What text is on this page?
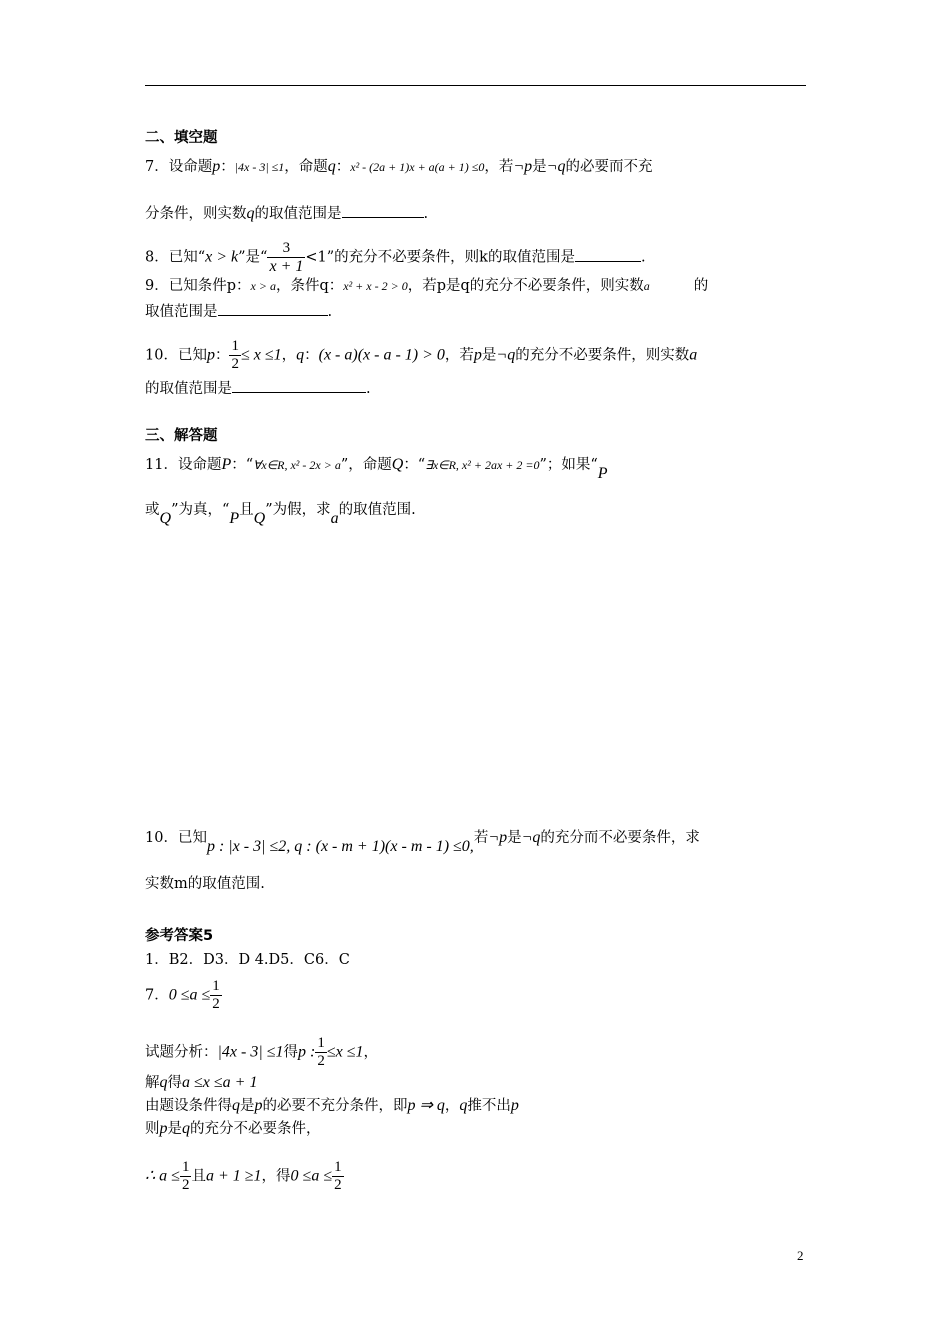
二、填空题
7．设命题p：|4x - 3| ≤1，命题q：x² - (2a + 1)x + a(a + 1) ≤0，若¬p是¬q的必要而不充
分条件，则实数q的取值范围是	.
8．已知“x > k”是“ $\frac{3}{x + 1} <1$”的充分不必要条件，则k的取值范围是	.
9．已知条件p：x > a，条件q：x² + x - 2 > 0，若p是q的充分不必要条件，则实数a	的
取值范围是	.
10．已知p： $\frac{1}{2} \le x \le 1$，q：(x - a)(x - a - 1) > 0，若p是¬q的充分不必要条件，则实数a
的取值范围是	.
三、解答题
11．设命题P：“∀x∈R, x² - 2x > a”，命题Q：“∃x∈R, x² + 2ax + 2 =0”；如果“P
或Q”为真，“P且Q”为假，求a的取值范围.
10．已知p : |x - 3| ≤2, q : (x - m + 1)(x - m - 1) ≤0,若¬p是¬q的充分而不必要条件，求
实数m的取值范围.
参考答案5
1．B2．D3．D 4.D5．C6．C
7．$0 \le a \le \frac{1}{2}$
试题分析：|4x - 3| ≤1得p : $\frac{1}{2} \le x \le 1$，
解q得a ≤x ≤a + 1
由题设条件得q是p的必要不充分条件，即p ⇒ q，q推不出p
则p是q的充分不必要条件，
∴ $a \le \frac{1}{2}$ 且a + 1 ≥1，得$0 \le a \le \frac{1}{2}$
2
